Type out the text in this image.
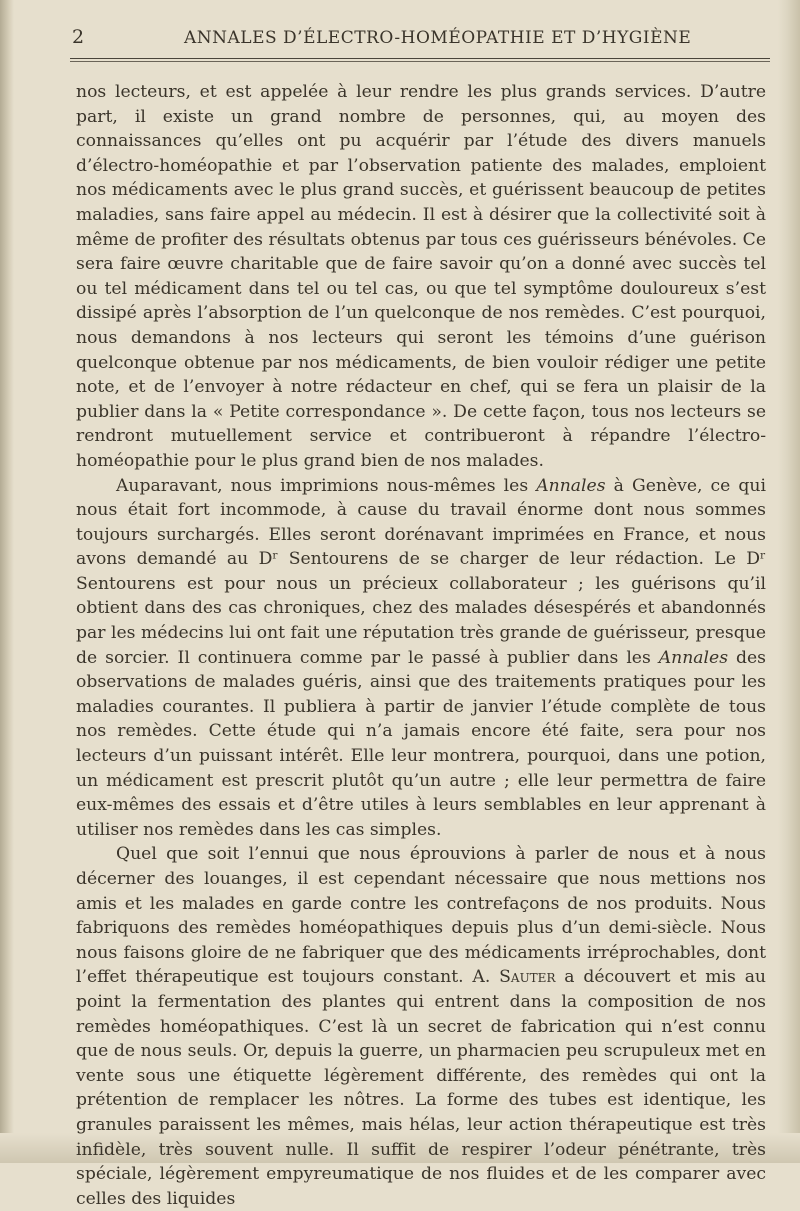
2	ANNALES D’ÉLECTRO-HOMÉOPATHIE ET D’HYGIÈNE

nos lecteurs, et est appelée à leur rendre les plus grands services. D’autre part, il existe un grand nombre de personnes, qui, au moyen des connaissances qu’elles ont pu acquérir par l’étude des divers manuels d’électro-homéopathie et par l’observation patiente des malades, emploient nos médicaments avec le plus grand succès, et guérissent beaucoup de petites maladies, sans faire appel au médecin. Il est à désirer que la collectivité soit à même de profiter des résultats obtenus par tous ces guérisseurs bénévoles. Ce sera faire œuvre charitable que de faire savoir qu’on a donné avec succès tel ou tel médicament dans tel ou tel cas, ou que tel symptôme douloureux s’est dissipé après l’absorption de l’un quelconque de nos remèdes. C’est pourquoi, nous demandons à nos lecteurs qui seront les témoins d’une guérison quelconque obtenue par nos médicaments, de bien vouloir rédiger une petite note, et de l’envoyer à notre rédacteur en chef, qui se fera un plaisir de la publier dans la « Petite correspondance ». De cette façon, tous nos lecteurs se rendront mutuellement service et contribueront à répandre l’électro-homéopathie pour le plus grand bien de nos malades.

Auparavant, nous imprimions nous-mêmes les Annales à Genève, ce qui nous était fort incommode, à cause du travail énorme dont nous sommes toujours surchargés. Elles seront dorénavant imprimées en France, et nous avons demandé au Dʳ Sentourens de se charger de leur rédaction. Le Dʳ Sentourens est pour nous un précieux collaborateur ; les guérisons qu’il obtient dans des cas chroniques, chez des malades désespérés et abandonnés par les médecins lui ont fait une réputation très grande de guérisseur, presque de sorcier. Il continuera comme par le passé à publier dans les Annales des observations de malades guéris, ainsi que des traitements pratiques pour les maladies courantes. Il publiera à partir de janvier l’étude complète de tous nos remèdes. Cette étude qui n’a jamais encore été faite, sera pour nos lecteurs d’un puissant intérêt. Elle leur montrera, pourquoi, dans une potion, un médicament est prescrit plutôt qu’un autre ; elle leur permettra de faire eux-mêmes des essais et d’être utiles à leurs semblables en leur apprenant à utiliser nos remèdes dans les cas simples.

Quel que soit l’ennui que nous éprouvions à parler de nous et à nous décerner des louanges, il est cependant nécessaire que nous mettions nos amis et les malades en garde contre les contrefaçons de nos produits. Nous fabriquons des remèdes homéopathiques depuis plus d’un demi-siècle. Nous nous faisons gloire de ne fabriquer que des médicaments irréprochables, dont l’effet thérapeutique est toujours constant. A. Sauter a découvert et mis au point la fermentation des plantes qui entrent dans la composition de nos remèdes homéopathiques. C’est là un secret de fabrication qui n’est connu que de nous seuls. Or, depuis la guerre, un pharmacien peu scrupuleux met en vente sous une étiquette légèrement différente, des remèdes qui ont la prétention de remplacer les nôtres. La forme des tubes est identique, les granules paraissent les mêmes, mais hélas, leur action thérapeutique est très infidèle, très souvent nulle. Il suffit de respirer l’odeur pénétrante, très spéciale, légèrement empyreumatique de nos fluides et de les comparer avec celles des liquides
